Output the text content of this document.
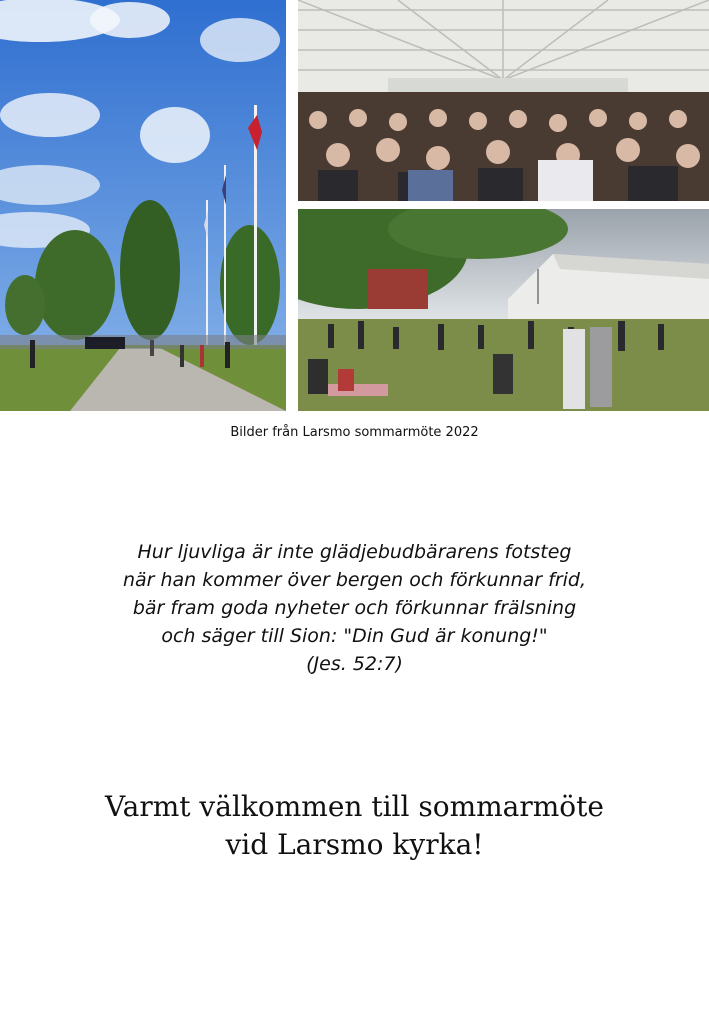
Bilder från Larsmo sommarmöte 2022
Hur ljuvliga är inte glädjebudbärarens fotsteg
när han kommer över bergen och förkunnar frid,
bär fram goda nyheter och förkunnar frälsning
och säger till Sion: "Din Gud är konung!"
(Jes. 52:7)
Varmt välkommen till sommarmöte
vid Larsmo kyrka!
